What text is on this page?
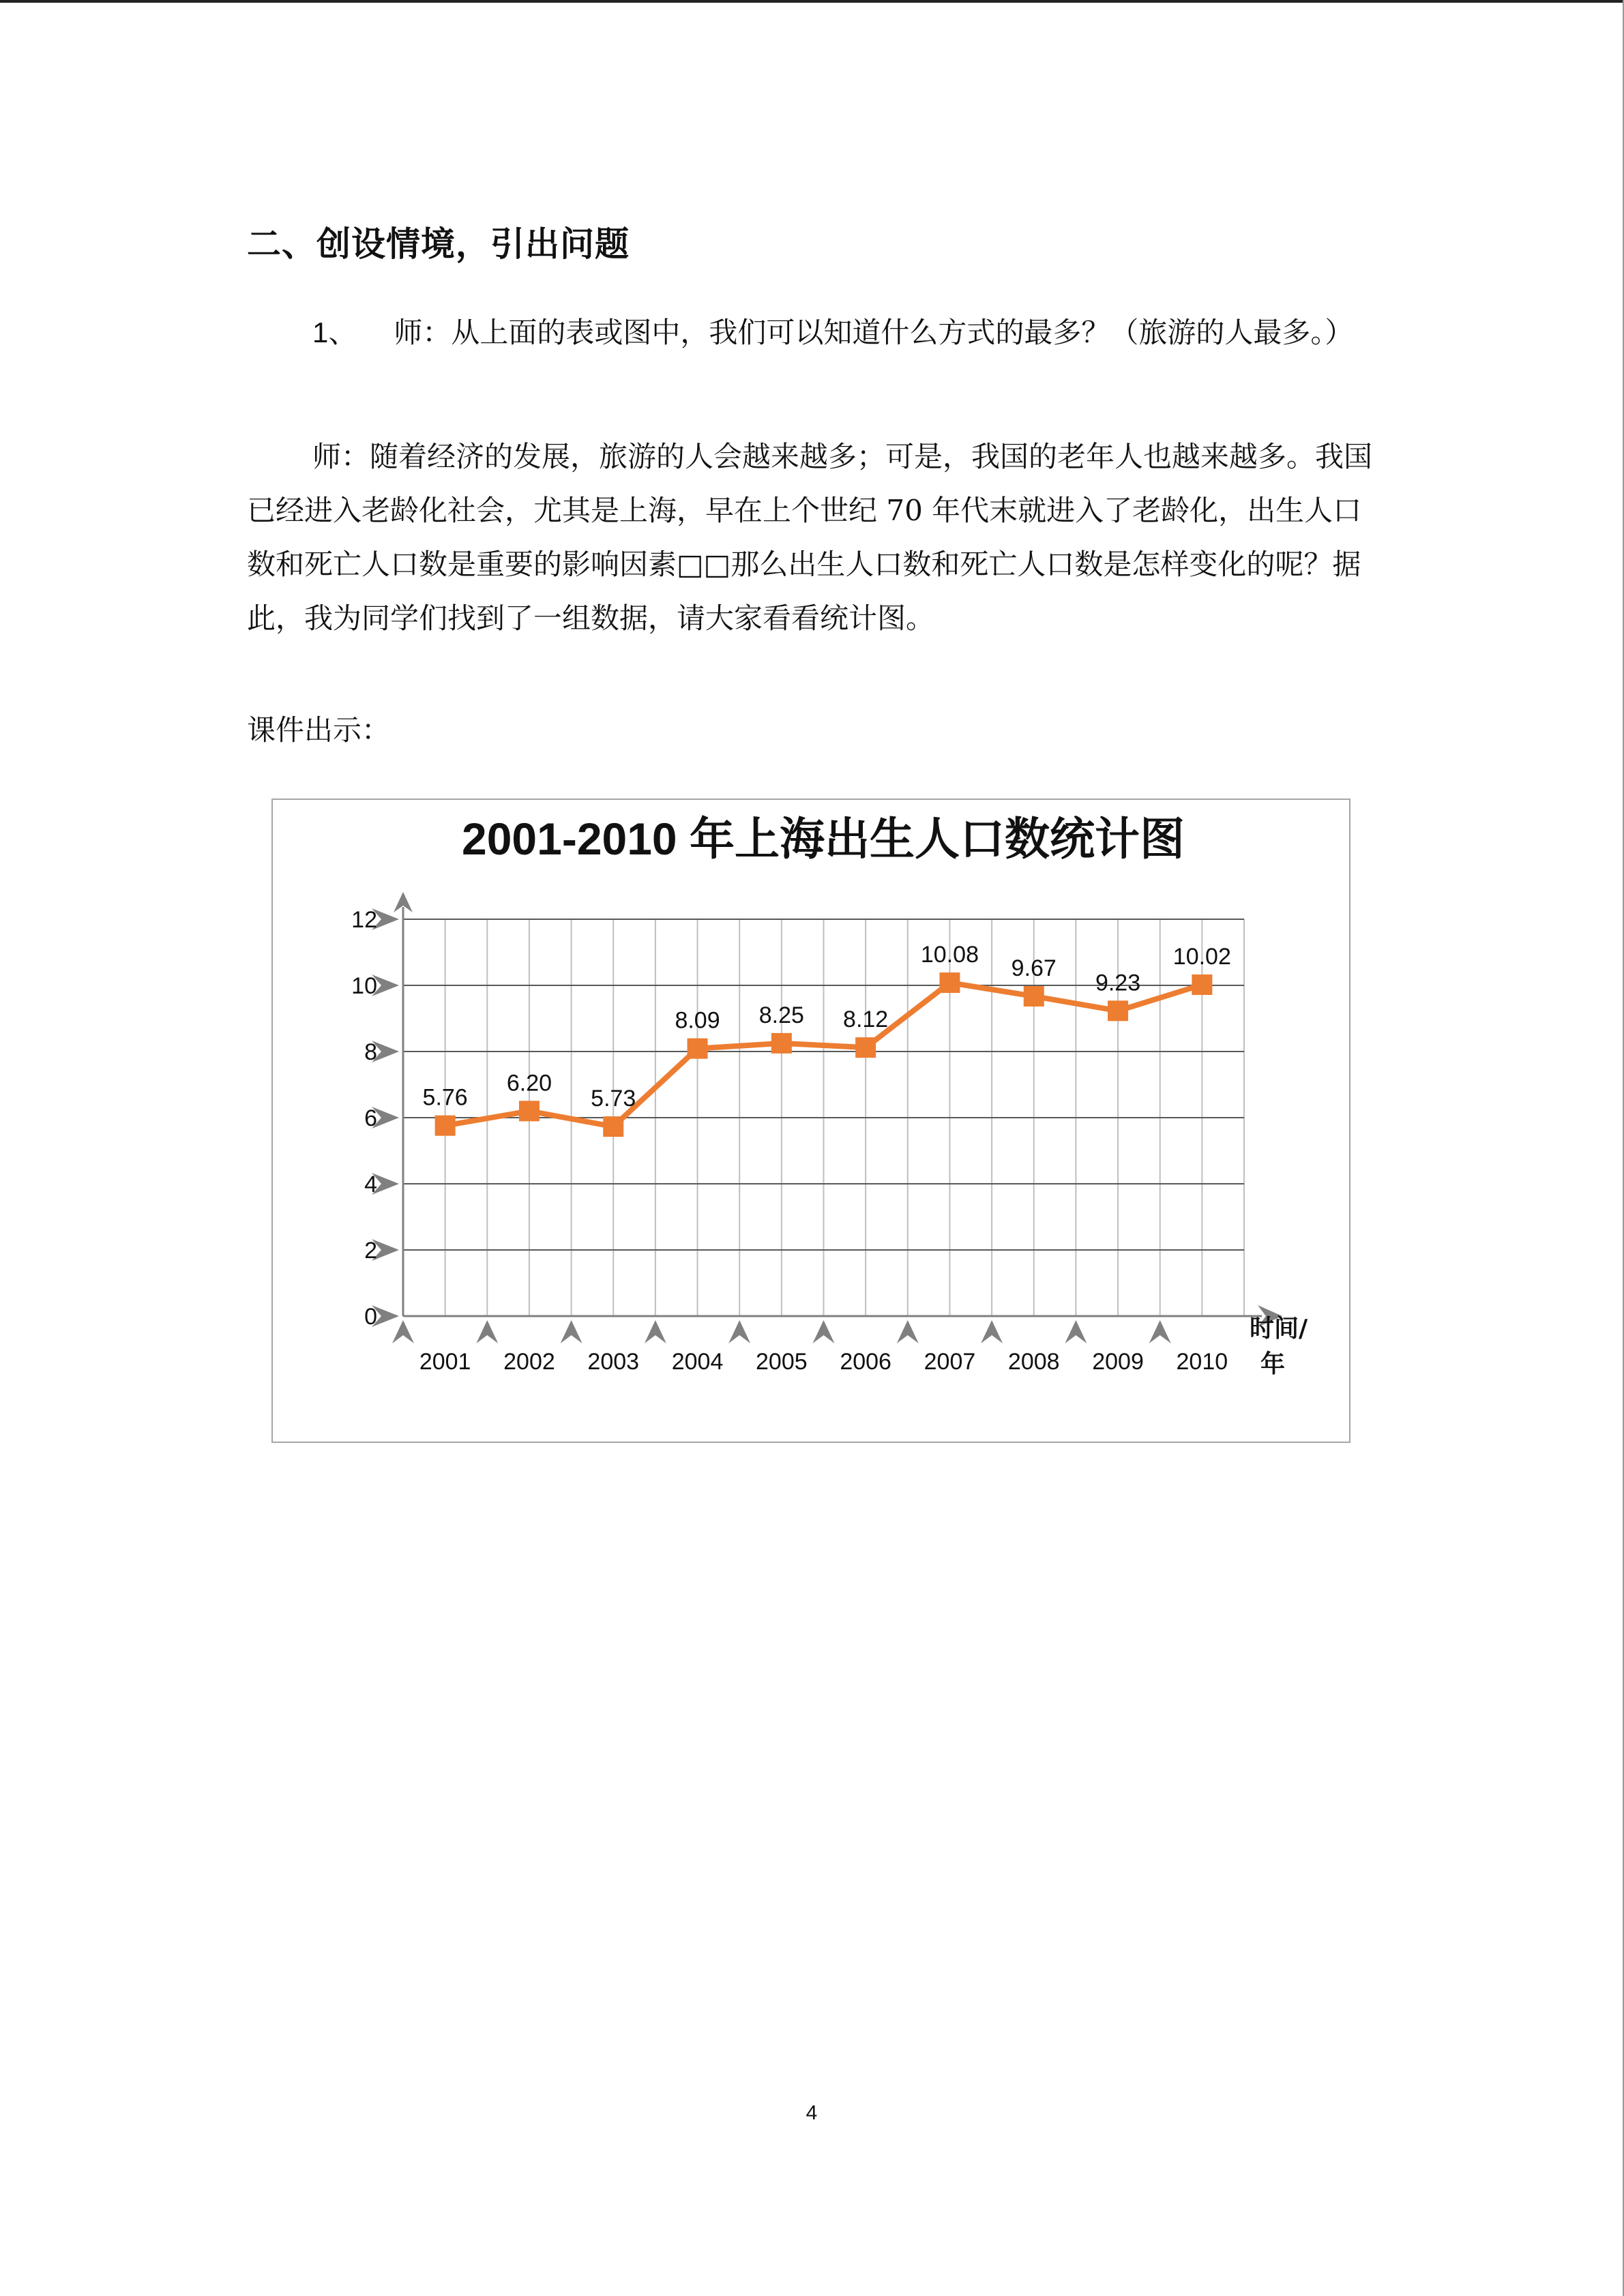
二、创设情境，引出问题

1、 师：从上面的表或图中，我们可以知道什么方式的最多？（旅游的人最多。）

师：随着经济的发展，旅游的人会越来越多；可是，我国的老年人也越来越多。我国已经进入老龄化社会，尤其是上海，早在上个世纪 70 年代末就进入了老龄化，出生人口数和死亡人口数是重要的影响因素□□那么出生人口数和死亡人口数是怎样变化的呢？据此，我为同学们找到了一组数据，请大家看看统计图。

课件出示：

2001-2010 年上海出生人口数统计图
0
2
4
6
8
10
12
2001 2002 2003 2004 2005 2006 2007 2008 2009 2010
时间/
年
5.76
6.20
5.73
8.09 8.25 8.12
10.08
9.67
9.23
10.02
4
